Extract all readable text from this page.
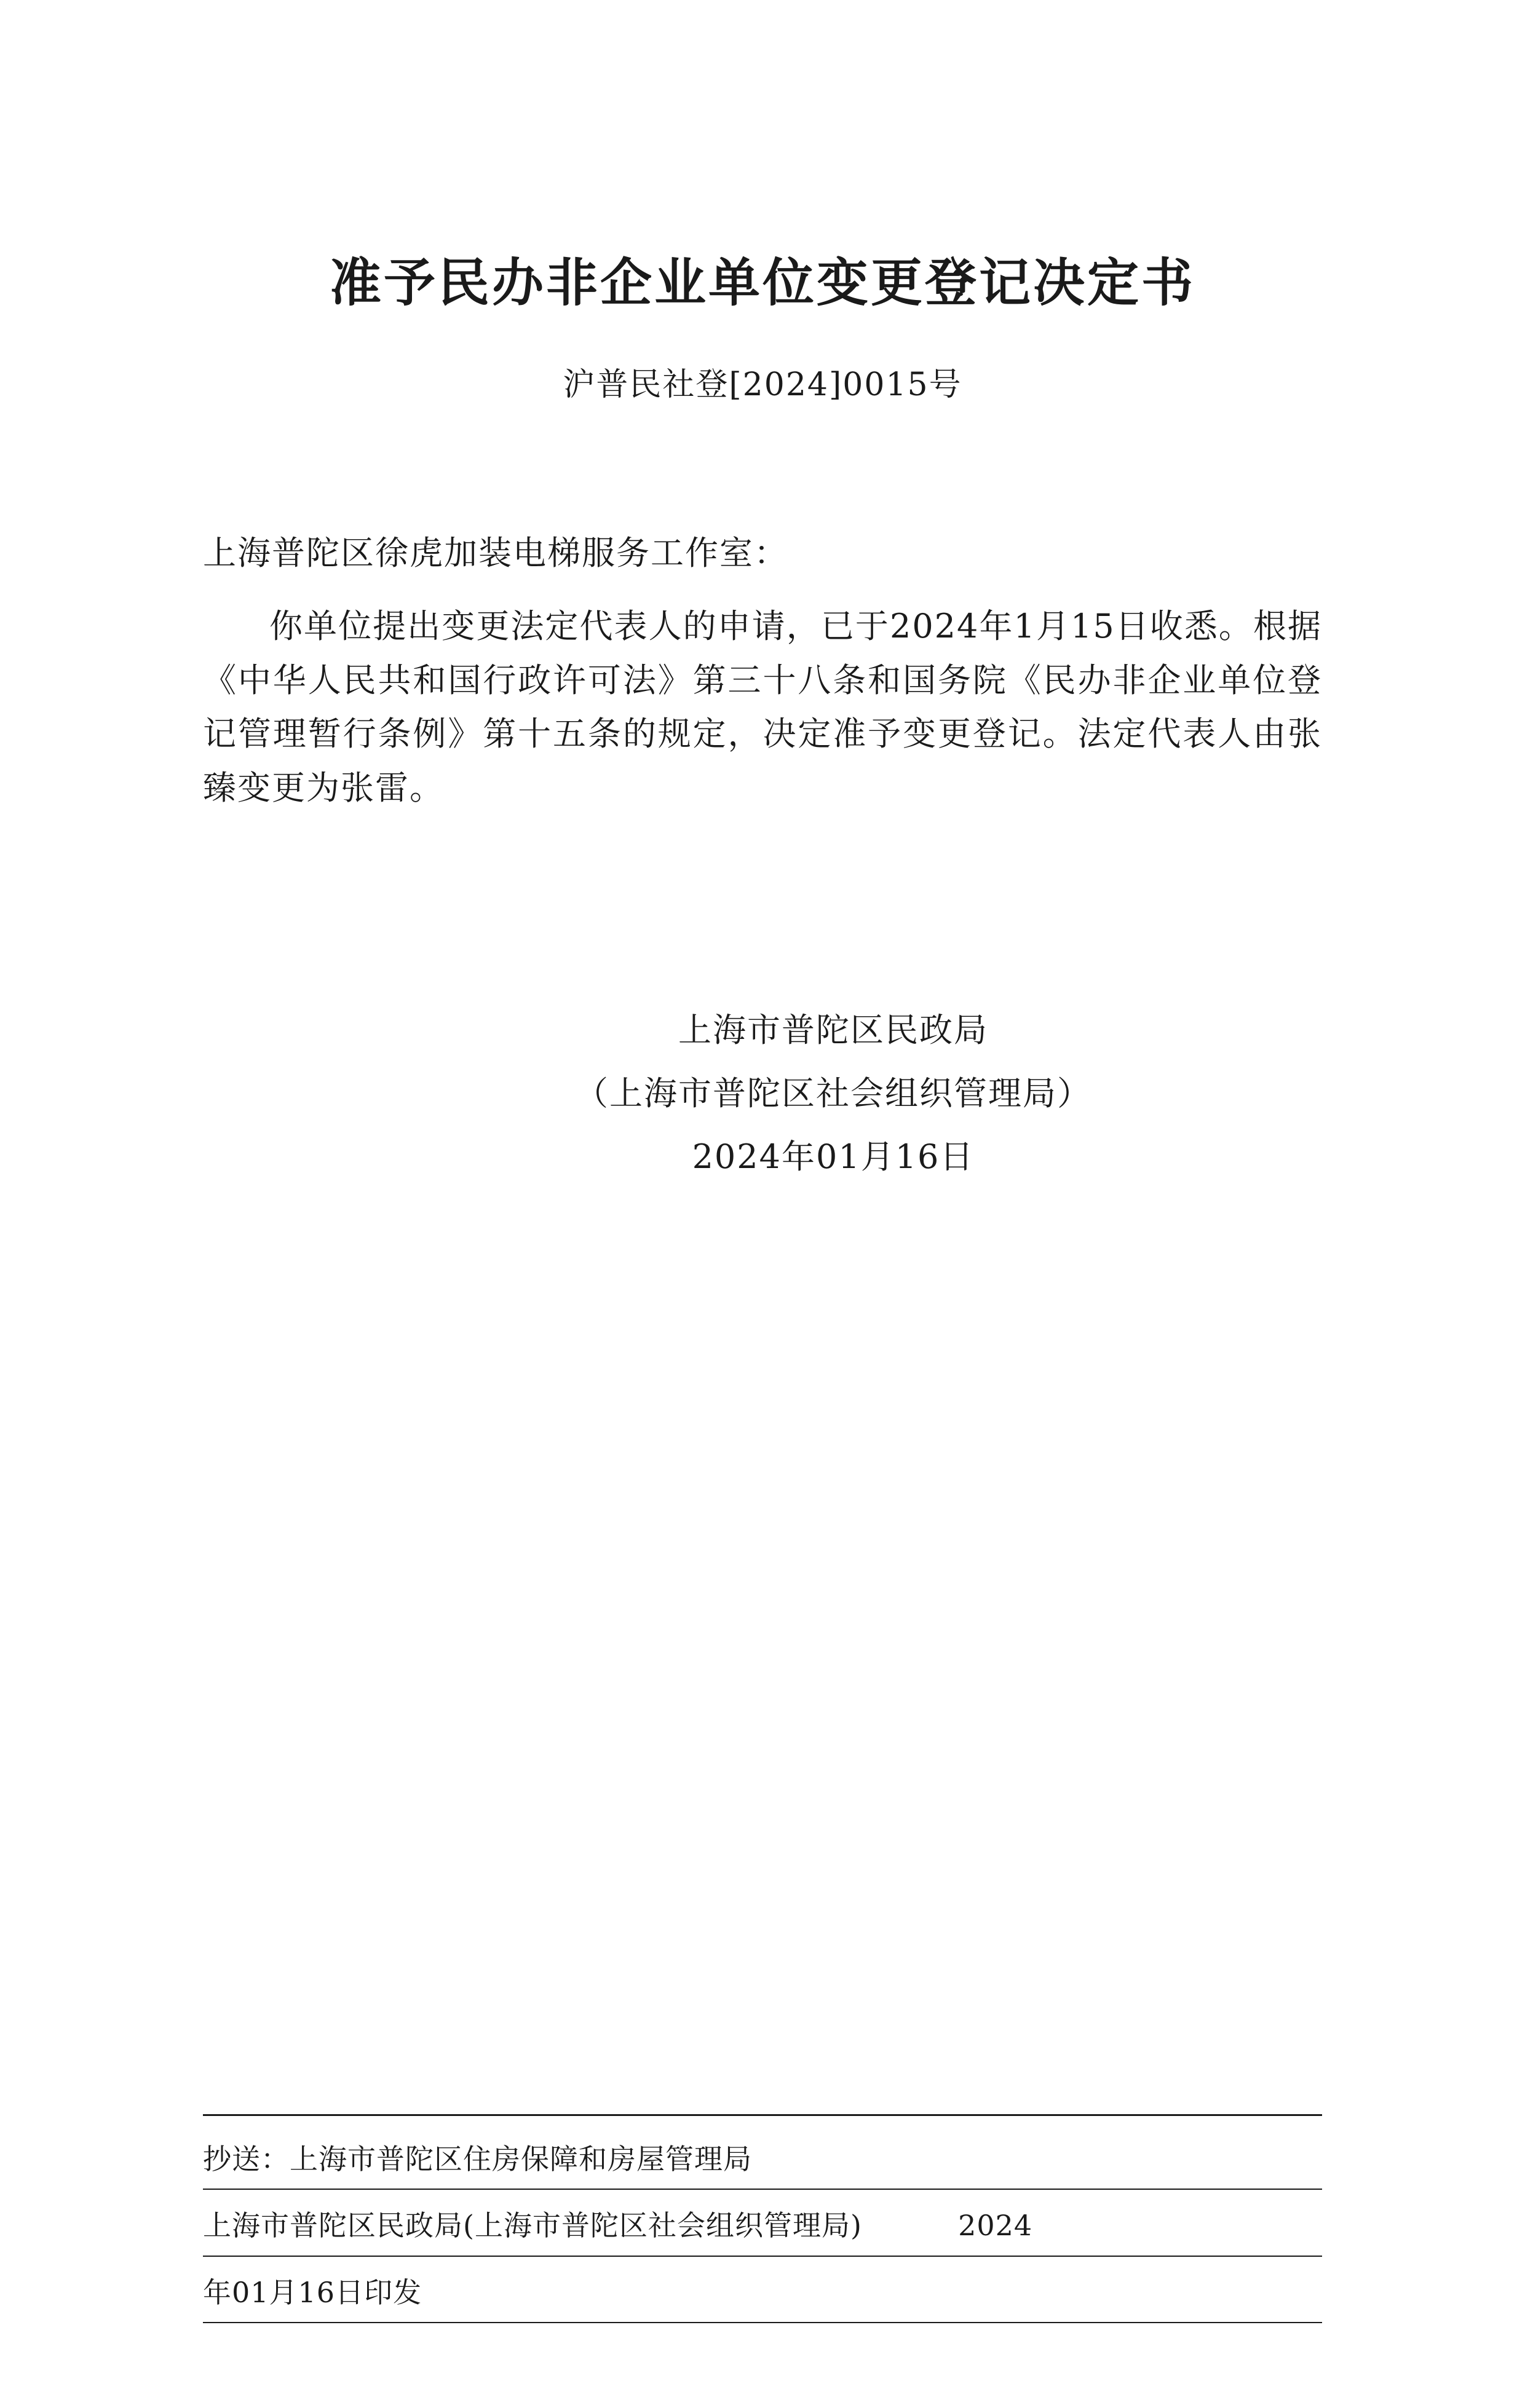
准予民办非企业单位变更登记决定书
沪普民社登[2024]0015号
上海普陀区徐虎加装电梯服务工作室：
你单位提出变更法定代表人的申请，已于2024年1月15日收悉。根据《中华人民共和国行政许可法》第三十八条和国务院《民办非企业单位登记管理暂行条例》第十五条的规定，决定准予变更登记。法定代表人由张臻变更为张雷。
上海市普陀区民政局
（上海市普陀区社会组织管理局）
2024年01月16日
抄送：上海市普陀区住房保障和房屋管理局
上海市普陀区民政局(上海市普陀区社会组织管理局)          2024
年01月16日印发
